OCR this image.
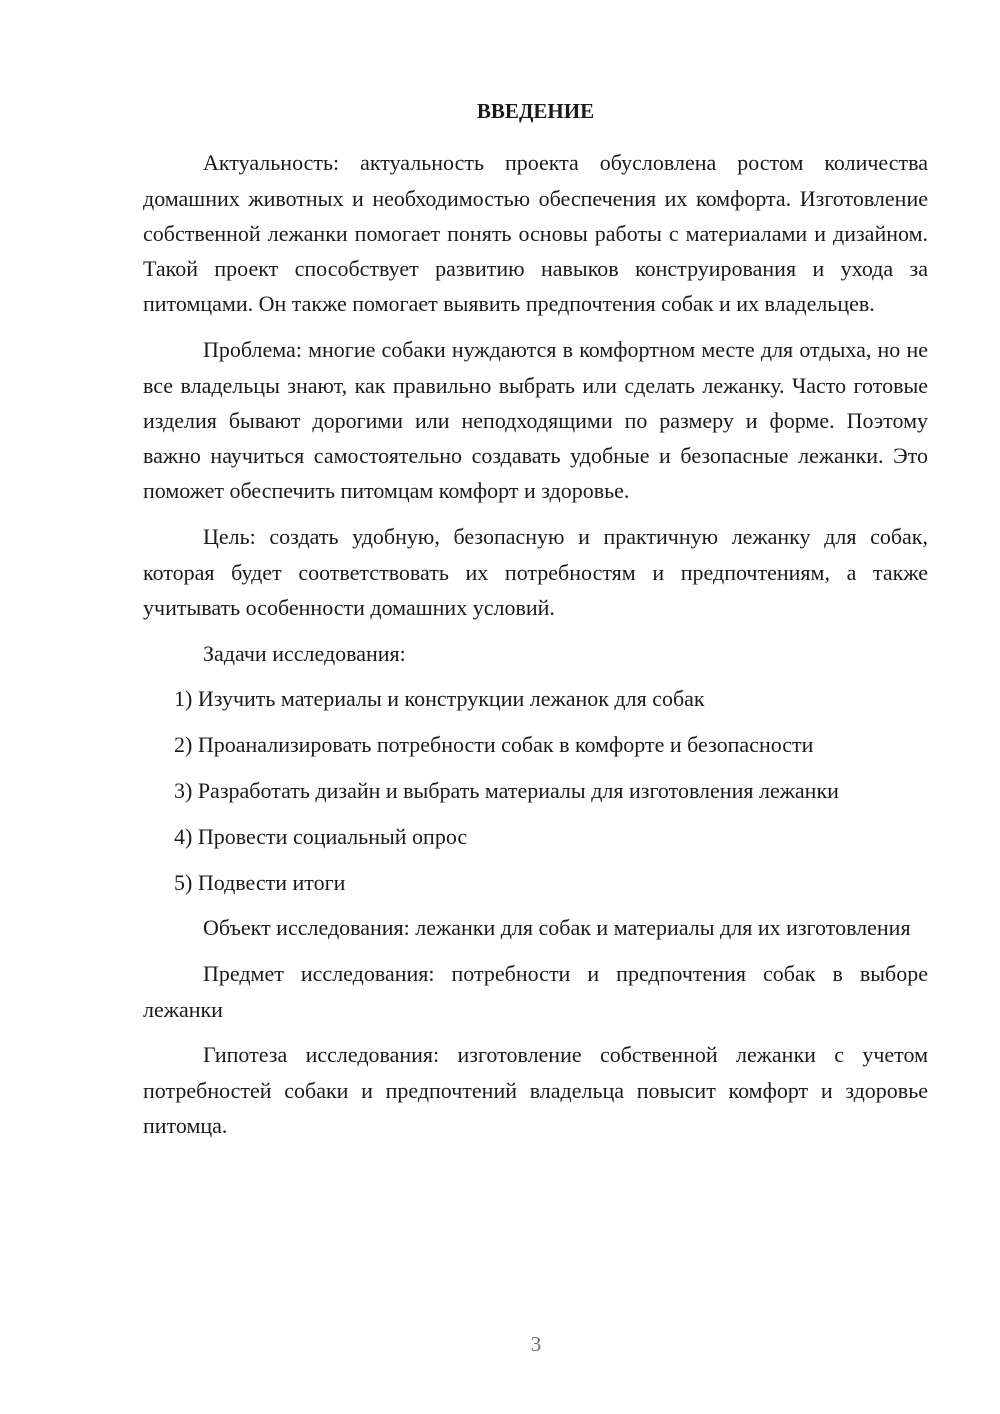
ВВЕДЕНИЕ

Актуальность: актуальность проекта обусловлена ростом количества домашних животных и необходимостью обеспечения их комфорта. Изготовление собственной лежанки помогает понять основы работы с материалами и дизайном. Такой проект способствует развитию навыков конструирования и ухода за питомцами. Он также помогает выявить предпочтения собак и их владельцев.

Проблема: многие собаки нуждаются в комфортном месте для отдыха, но не все владельцы знают, как правильно выбрать или сделать лежанку. Часто готовые изделия бывают дорогими или неподходящими по размеру и форме. Поэтому важно научиться самостоятельно создавать удобные и безопасные лежанки. Это поможет обеспечить питомцам комфорт и здоровье.

Цель: создать удобную, безопасную и практичную лежанку для собак, которая будет соответствовать их потребностям и предпочтениям, а также учитывать особенности домашних условий.

Задачи исследования:

1) Изучить материалы и конструкции лежанок для собак

2) Проанализировать потребности собак в комфорте и безопасности

3) Разработать дизайн и выбрать материалы для изготовления лежанки

4) Провести социальный опрос

5) Подвести итоги

Объект исследования: лежанки для собак и материалы для их изготовления

Предмет исследования: потребности и предпочтения собак в выборе лежанки

Гипотеза исследования: изготовление собственной лежанки с учетом потребностей собаки и предпочтений владельца повысит комфорт и здоровье питомца.

3
